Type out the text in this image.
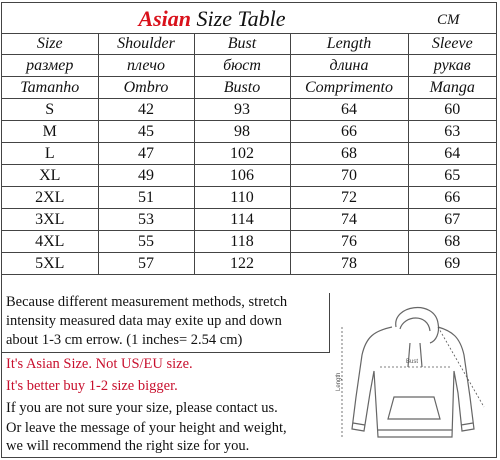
Asian Size Table	CM
Size	Shoulder	Bust	Length	Sleeve
размер	плечо	бюст	длина	рукав
Tamanho	Ombro	Busto	Comprimento	Manga
S	42	93	64	60
M	45	98	66	63
L	47	102	68	64
XL	49	106	70	65
2XL	51	110	72	66
3XL	53	114	74	67
4XL	55	118	76	68
5XL	57	122	78	69
Because different measurement methods, stretch
intensity measured data may exite up and down
about 1-3 cm errow. (1 inches= 2.54 cm)
It's Asian Size. Not US/EU size.
It's better buy 1-2 size bigger.
If you are not sure your size, please contact us.
Or leave the message of your height and weight,
we will recommend the right size for you.
Bust
Length
